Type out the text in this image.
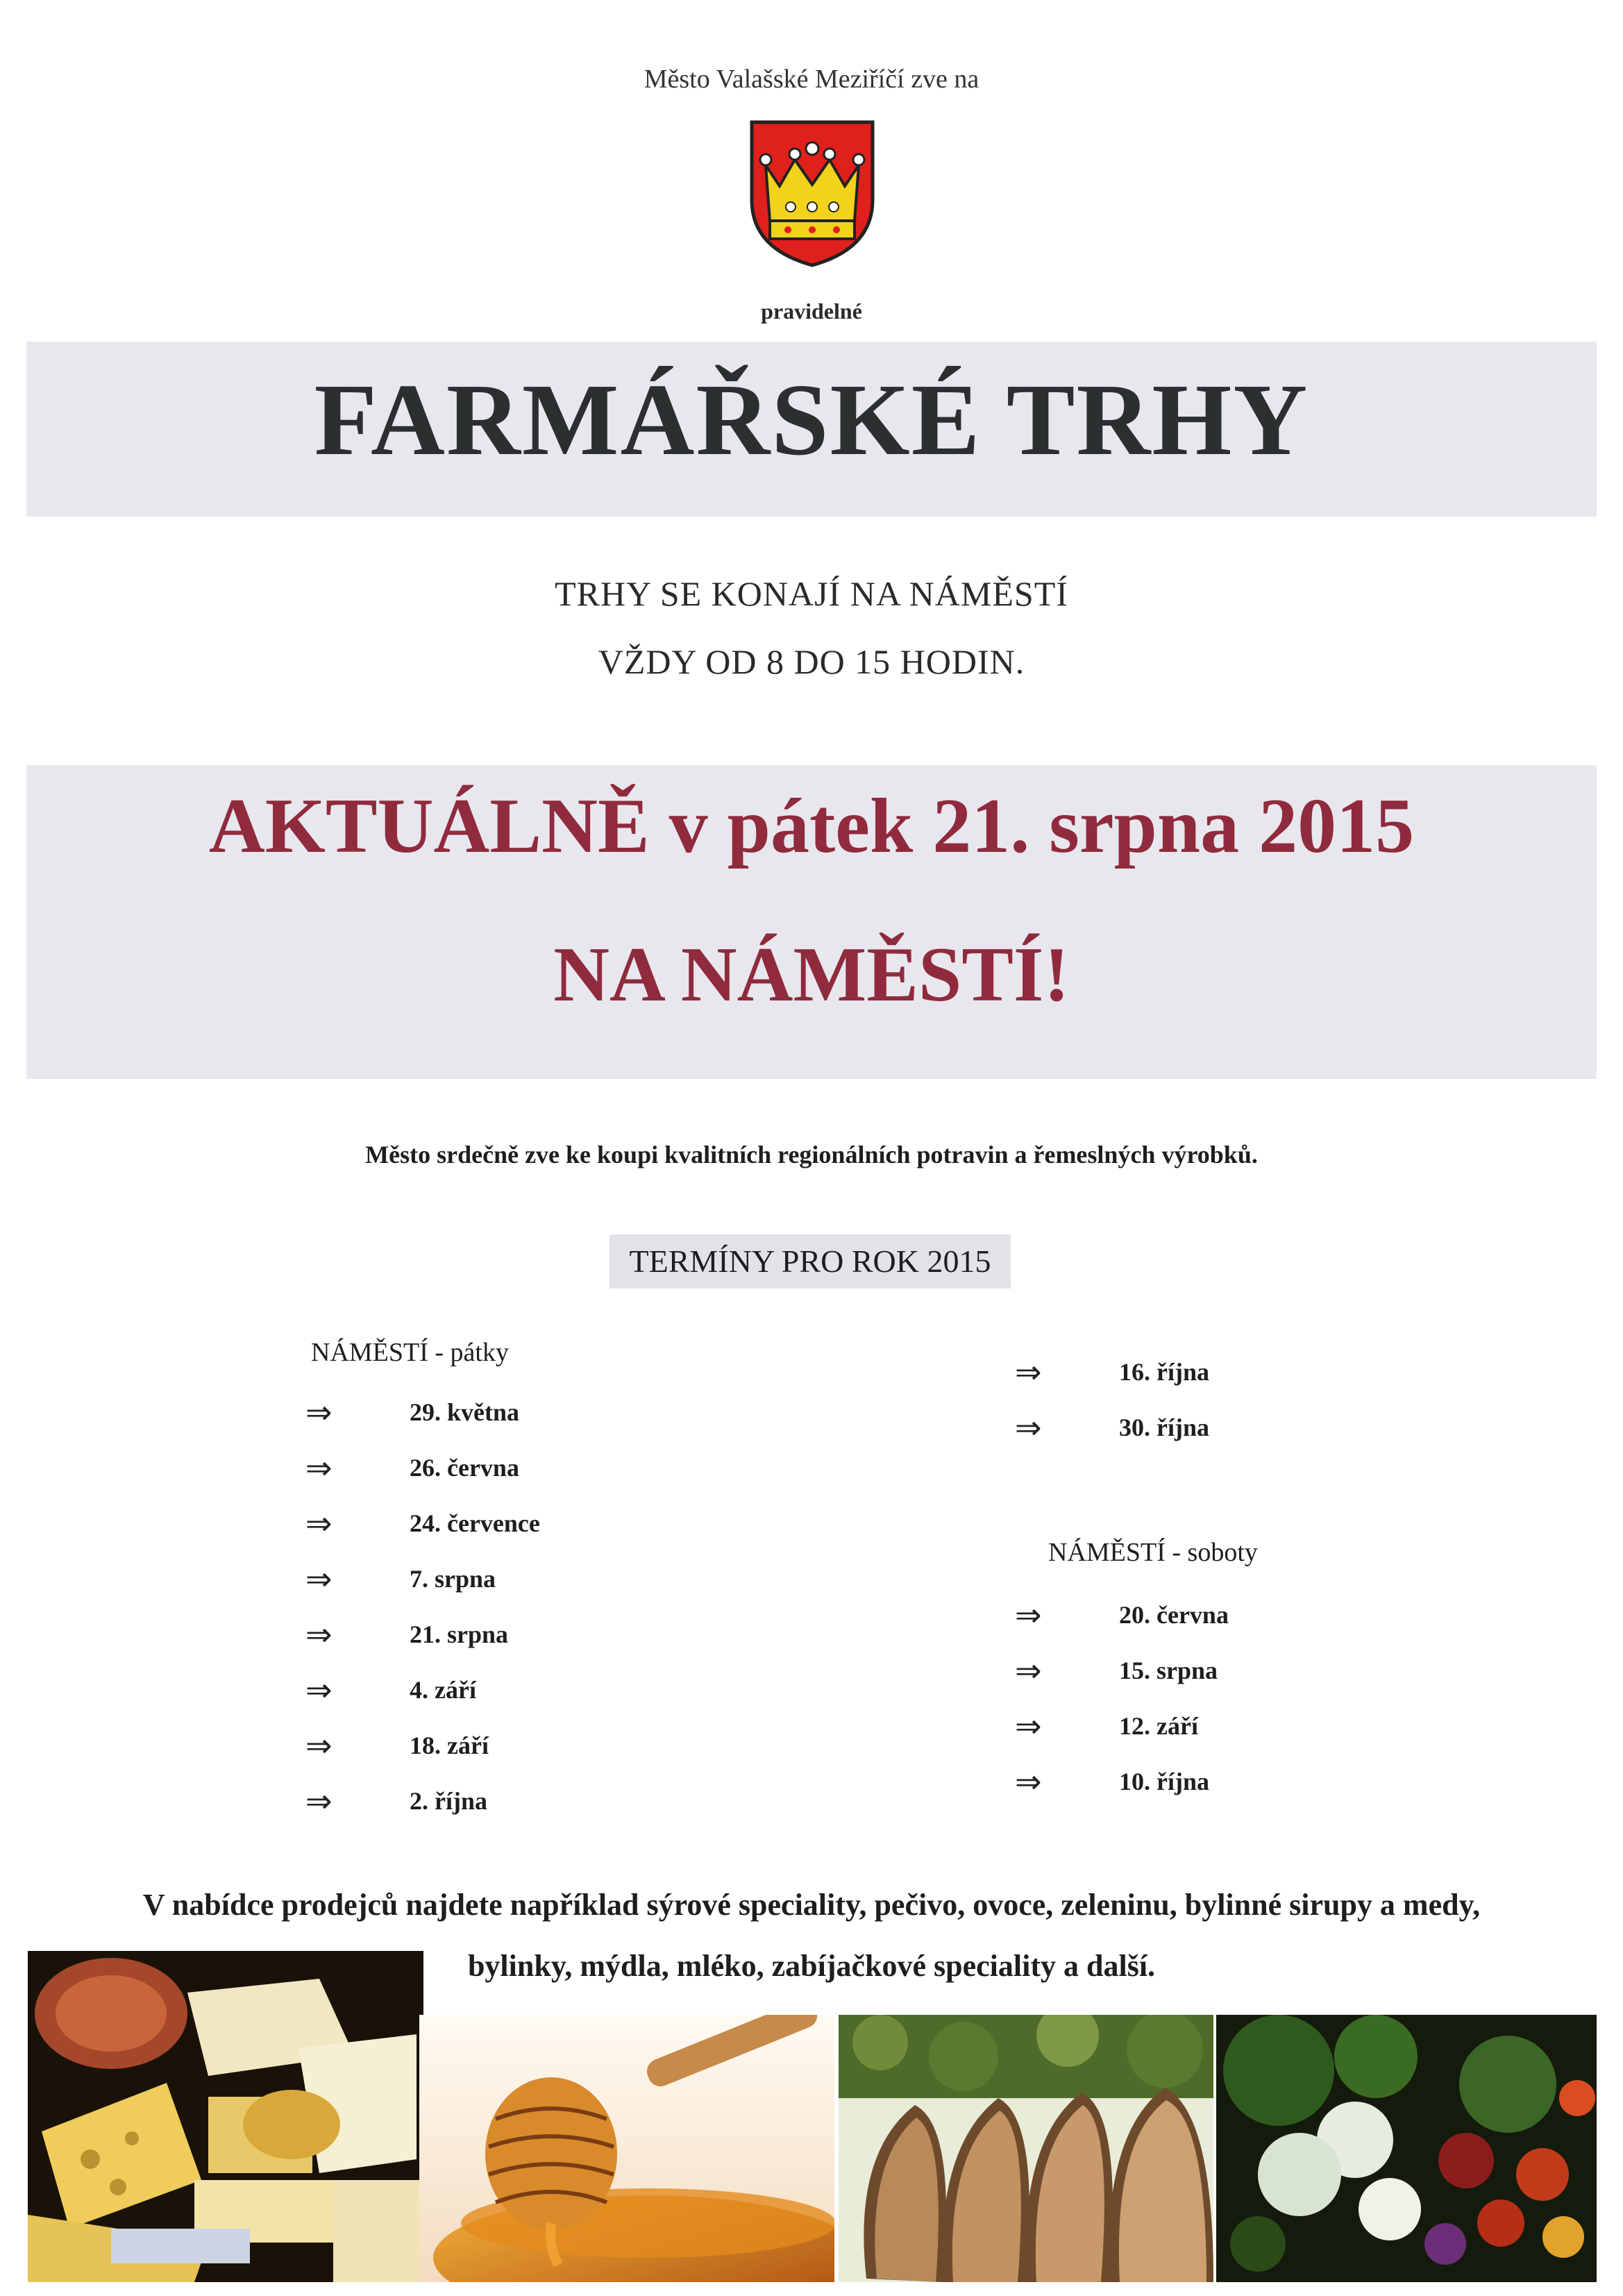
Město Valašské Meziříčí zve na
pravidelné
FARMÁŘSKÉ TRHY
TRHY SE KONAJÍ NA NÁMĚSTÍ
VŽDY OD 8 DO 15 HODIN.
AKTUÁLNĚ v pátek 21. srpna 2015
NA NÁMĚSTÍ!
Město srdečně zve ke koupi kvalitních regionálních potravin a řemeslných výrobků.
TERMÍNY PRO ROK 2015
NÁMĚSTÍ - pátky
⇒	29. května
⇒	26. června
⇒	24. července
⇒	7. srpna
⇒	21. srpna
⇒	4. září
⇒	18. září
⇒	2. října
⇒	16. října
⇒	30. října
NÁMĚSTÍ - soboty
⇒	20. června
⇒	15. srpna
⇒	12. září
⇒	10. října
V nabídce prodejců najdete například sýrové speciality, pečivo, ovoce, zeleninu, bylinné sirupy a medy,
bylinky, mýdla, mléko, zabíjačkové speciality a další.
